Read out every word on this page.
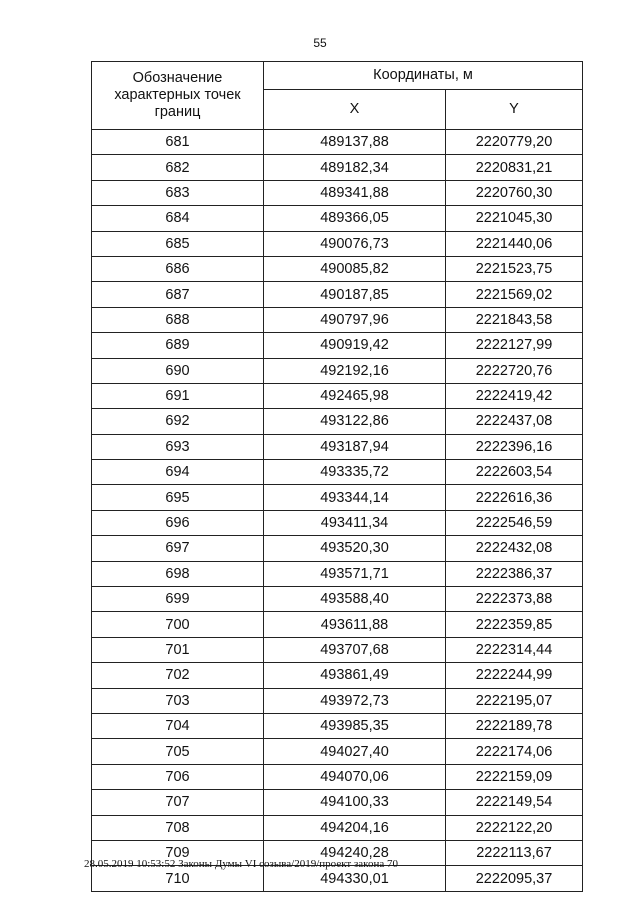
55
Обозначение характерных точек границ	Координаты, м	
	X	Y
681	489137,88	2220779,20
682	489182,34	2220831,21
683	489341,88	2220760,30
684	489366,05	2221045,30
685	490076,73	2221440,06
686	490085,82	2221523,75
687	490187,85	2221569,02
688	490797,96	2221843,58
689	490919,42	2222127,99
690	492192,16	2222720,76
691	492465,98	2222419,42
692	493122,86	2222437,08
693	493187,94	2222396,16
694	493335,72	2222603,54
695	493344,14	2222616,36
696	493411,34	2222546,59
697	493520,30	2222432,08
698	493571,71	2222386,37
699	493588,40	2222373,88
700	493611,88	2222359,85
701	493707,68	2222314,44
702	493861,49	2222244,99
703	493972,73	2222195,07
704	493985,35	2222189,78
705	494027,40	2222174,06
706	494070,06	2222159,09
707	494100,33	2222149,54
708	494204,16	2222122,20
709	494240,28	2222113,67
710	494330,01	2222095,37
28.05.2019 10:53:52 Законы Думы VI созыва/2019/проект закона 70
